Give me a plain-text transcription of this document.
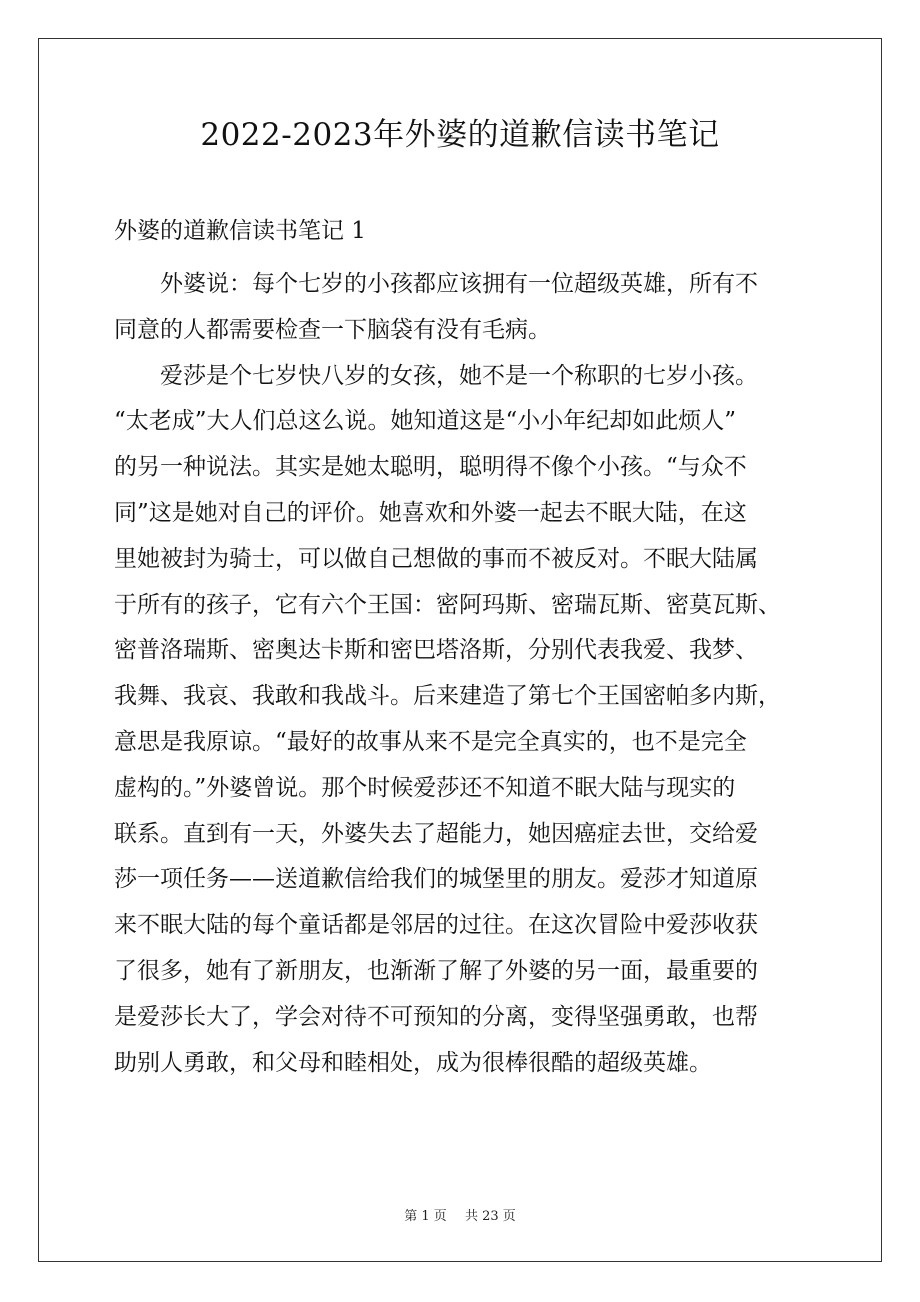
2022-2023年外婆的道歉信读书笔记
外婆的道歉信读书笔记 1

外婆说：每个七岁的小孩都应该拥有一位超级英雄，所有不
同意的人都需要检查一下脑袋有没有毛病。

爱莎是个七岁快八岁的女孩，她不是一个称职的七岁小孩。
“太老成”大人们总这么说。她知道这是“小小年纪却如此烦人”
的另一种说法。其实是她太聪明，聪明得不像个小孩。“与众不
同”这是她对自己的评价。她喜欢和外婆一起去不眠大陆，在这
里她被封为骑士，可以做自己想做的事而不被反对。不眠大陆属
于所有的孩子，它有六个王国：密阿玛斯、密瑞瓦斯、密莫瓦斯、
密普洛瑞斯、密奥达卡斯和密巴塔洛斯，分别代表我爱、我梦、
我舞、我哀、我敢和我战斗。后来建造了第七个王国密帕多内斯，
意思是我原谅。“最好的故事从来不是完全真实的，也不是完全
虚构的。”外婆曾说。那个时候爱莎还不知道不眠大陆与现实的
联系。直到有一天，外婆失去了超能力，她因癌症去世，交给爱
莎一项任务——送道歉信给我们的城堡里的朋友。爱莎才知道原
来不眠大陆的每个童话都是邻居的过往。在这次冒险中爱莎收获
了很多，她有了新朋友，也渐渐了解了外婆的另一面，最重要的
是爱莎长大了，学会对待不可预知的分离，变得坚强勇敢，也帮
助别人勇敢，和父母和睦相处，成为很棒很酷的超级英雄。

第 1 页 共 23 页
